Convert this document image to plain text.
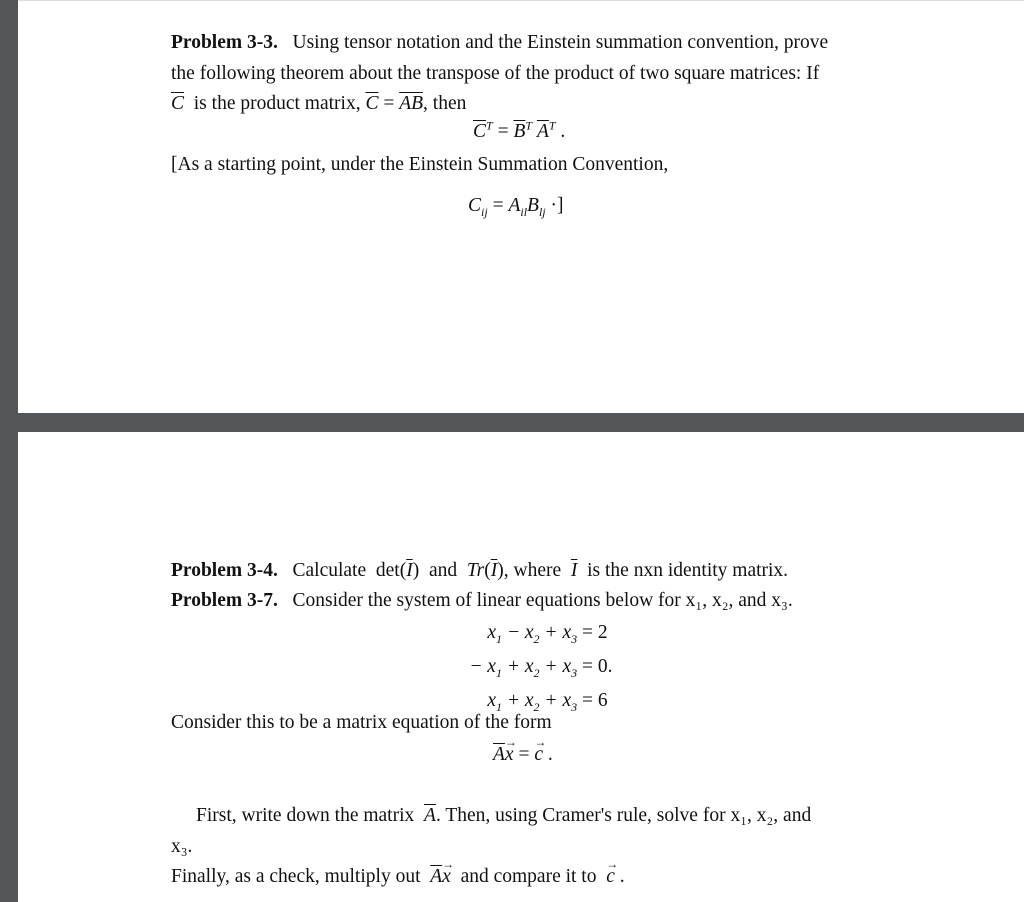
Problem 3-3. Using tensor notation and the Einstein summation convention, prove
the following theorem about the transpose of the product of two square matrices: If
$\overline{C}$ is the product matrix, $\overline{C} = \overline{AB}$, then
$\overline{C}^T = \overline{B}^T$ $\overline{A}^T$ .
[As a starting point, under the Einstein Summation Convention,
$C_{ij} = A_{il}B_{lj}$ ·]
Problem 3-4. Calculate $\det(\overline{I})$  and $Tr(\overline{I})$, where $\overline{I}$ is the nxn identity matrix.
Problem 3-7. Consider the system of linear equations below for x₁, x₂, and x₃.
$x_1 - x_2 + x_3$
= 2
− $x_1 + x_2 + x_3$
= 0.
$x_1 + x_2 + x_3$
= 6
Consider this to be a matrix equation of the form
$\overline{A}x$ → = c → .
First, write down the matrix $\overline{A}$. Then, using Cramer's rule, solve for x₁, x₂, and
x₃.
Finally, as a check, multiply out $\overline{A}x$ → and compare it to c → .
